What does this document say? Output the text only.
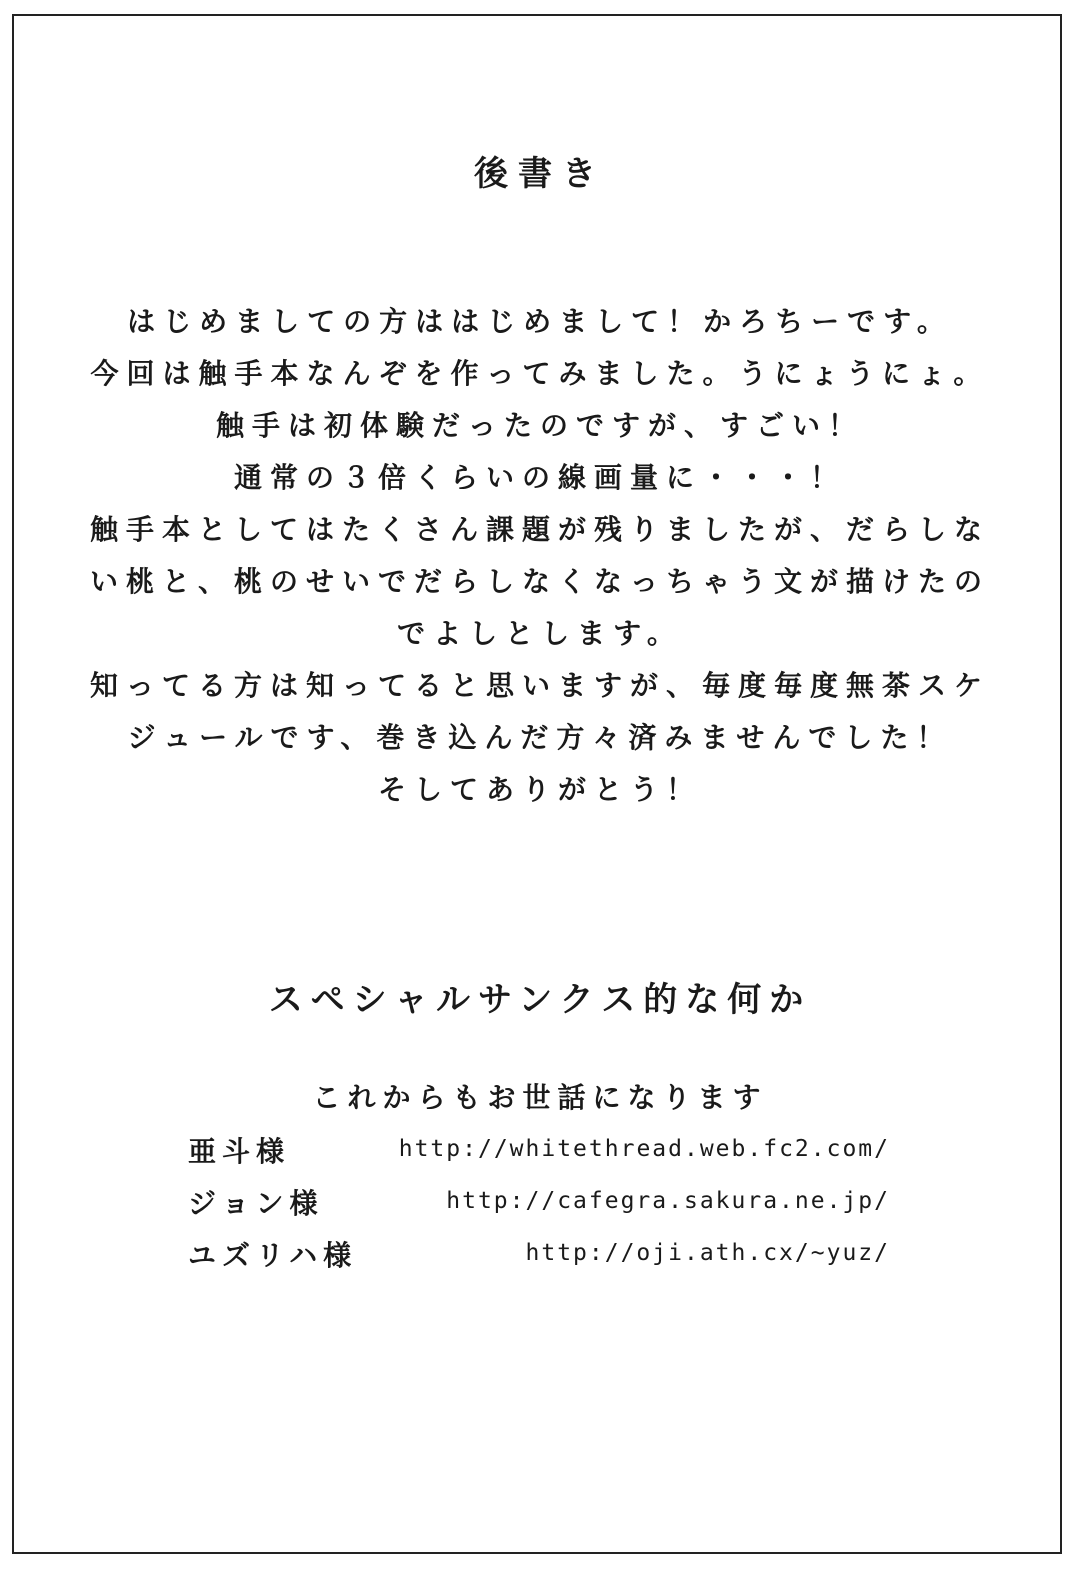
後書き
はじめましての方ははじめまして！かろちーです。
今回は触手本なんぞを作ってみました。うにょうにょ。
触手は初体験だったのですが、すごい！
通常の３倍くらいの線画量に・・・！
触手本としてはたくさん課題が残りましたが、だらしな
い桃と、桃のせいでだらしなくなっちゃう文が描けたの
でよしとします。
知ってる方は知ってると思いますが、毎度毎度無茶スケ
ジュールです、巻き込んだ方々済みませんでした！
そしてありがとう！
スペシャルサンクス的な何か
これからもお世話になります
亜斗様	http://whitethread.web.fc2.com/
ジョン様	http://cafegra.sakura.ne.jp/
ユズリハ様	http://oji.ath.cx/~yuz/
